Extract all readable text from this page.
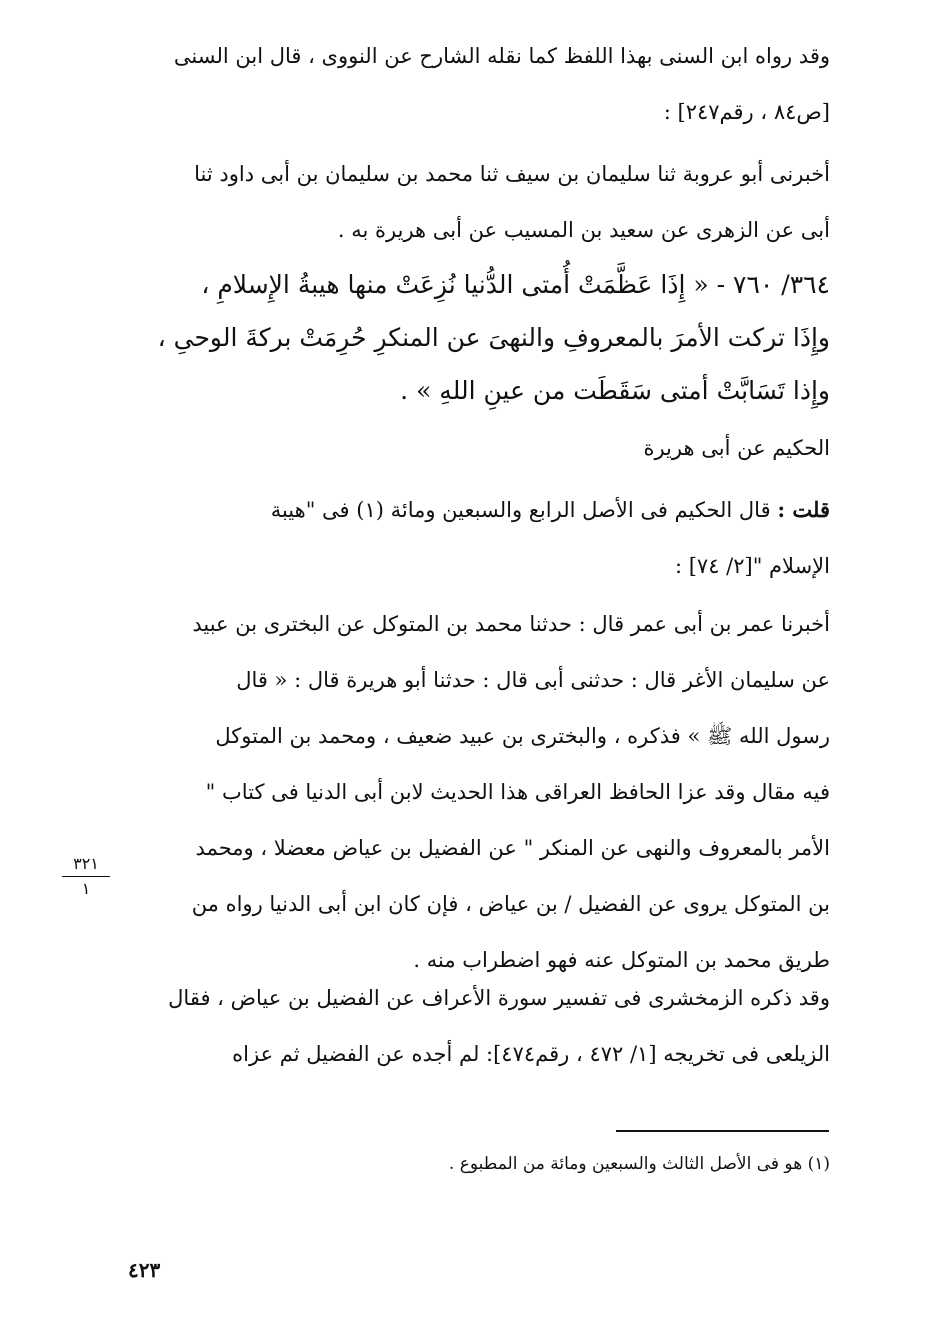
وقد رواه ابن السنى بهذا اللفظ كما نقله الشارح عن النووى ، قال ابن السنى
[ص٨٤ ، رقم٢٤٧] :
أخبرنى أبو عروبة ثنا سليمان بن سيف ثنا محمد بن سليمان بن أبى داود ثنا
أبى عن الزهرى عن سعيد بن المسيب عن أبى هريرة به .
٣٦٤/ ٧٦٠ - « إِذَا عَظَّمَتْ أُمتى الدُّنيا نُزِعَتْ منها هيبةُ الإِسلامِ ،
وإِذَا تركت الأمرَ بالمعروفِ والنهىَ عن المنكرِ حُرِمَتْ بركةَ الوحىِ ،
وإِذا تَسَابَّتْ أمتى سَقَطَت من عينِ اللهِ » .
الحكيم عن أبى هريرة
قلت : قال الحكيم فى الأصل الرابع والسبعين ومائة (١) فى "هيبة
الإسلام "[٢/ ٧٤] :
أخبرنا عمر بن أبى عمر قال : حدثنا محمد بن المتوكل عن البخترى بن عبيد
عن سليمان الأغر قال : حدثنى أبى قال : حدثنا أبو هريرة قال : « قال
رسول الله ﷺ » فذكره ، والبخترى بن عبيد ضعيف ، ومحمد بن المتوكل
فيه مقال وقد عزا الحافظ العراقى هذا الحديث لابن أبى الدنيا فى كتاب "
الأمر بالمعروف والنهى عن المنكر " عن الفضيل بن عياض معضلا ، ومحمد
بن المتوكل يروى عن الفضيل / بن عياض ، فإن كان ابن أبى الدنيا رواه من
طريق محمد بن المتوكل عنه فهو اضطراب منه .
وقد ذكره الزمخشرى فى تفسير سورة الأعراف عن الفضيل بن عياض ، فقال
الزيلعى فى تخريجه [١/ ٤٧٢ ، رقم٤٧٤]: لم أجده عن الفضيل ثم عزاه
٣٢١
١
(١) هو فى الأصل الثالث والسبعين ومائة من المطبوع .
٤٢٣
